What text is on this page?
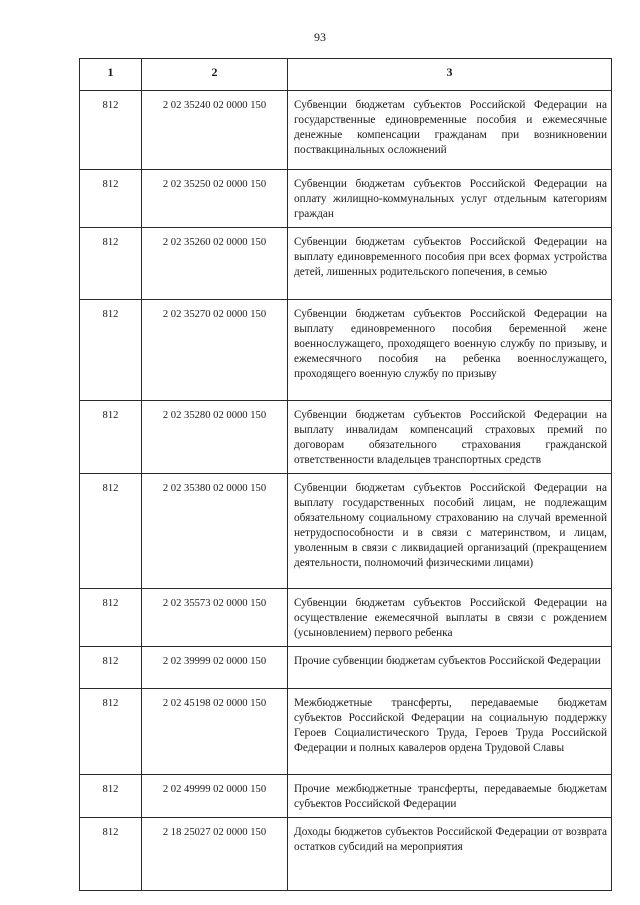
93
1	2	3
812	2 02 35240 02 0000 150	Субвенции бюджетам субъектов Российской Федерации на государственные единовременные пособия и ежемесячные денежные компенсации гражданам при возникновении поствакцинальных осложнений
812	2 02 35250 02 0000 150	Субвенции бюджетам субъектов Российской Федерации на оплату жилищно-коммунальных услуг отдельным категориям граждан
812	2 02 35260 02 0000 150	Субвенции бюджетам субъектов Российской Федерации на выплату единовременного пособия при всех формах устройства детей, лишенных родительского попечения, в семью
812	2 02 35270 02 0000 150	Субвенции бюджетам субъектов Российской Федерации на выплату единовременного пособия беременной жене военнослужащего, проходящего военную службу по призыву, и ежемесячного пособия на ребенка военнослужащего, проходящего военную службу по призыву
812	2 02 35280 02 0000 150	Субвенции бюджетам субъектов Российской Федерации на выплату инвалидам компенсаций страховых премий по договорам обязательного страхования гражданской ответственности владельцев транспортных средств
812	2 02 35380 02 0000 150	Субвенции бюджетам субъектов Российской Федерации на выплату государственных пособий лицам, не подлежащим обязательному социальному страхованию на случай временной нетрудоспособности и в связи с материнством, и лицам, уволенным в связи с ликвидацией организаций (прекращением деятельности, полномочий физическими лицами)
812	2 02 35573 02 0000 150	Субвенции бюджетам субъектов Российской Федерации на осуществление ежемесячной выплаты в связи с рождением (усыновлением) первого ребенка
812	2 02 39999 02 0000 150	Прочие субвенции бюджетам субъектов Российской Федерации
812	2 02 45198 02 0000 150	Межбюджетные трансферты, передаваемые бюджетам субъектов Российской Федерации на социальную поддержку Героев Социалистического Труда, Героев Труда Российской Федерации и полных кавалеров ордена Трудовой Славы
812	2 02 49999 02 0000 150	Прочие межбюджетные трансферты, передаваемые бюджетам субъектов Российской Федерации
812	2 18 25027 02 0000 150	Доходы бюджетов субъектов Российской Федерации от возврата остатков субсидий на мероприятия
